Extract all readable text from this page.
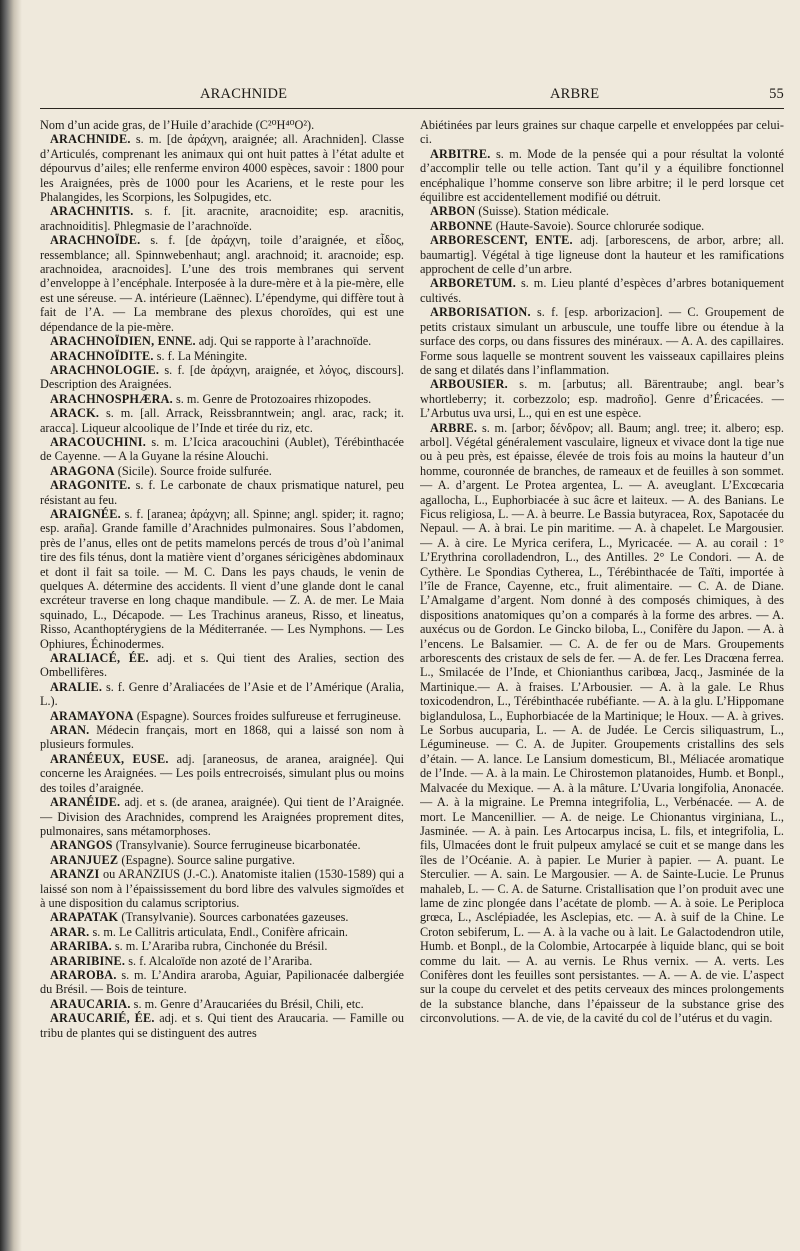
ARACHNIDE	ARBRE	55

Nom d’un acide gras, de l’Huile d’arachide (C²⁰H⁴⁰O²).

ARACHNIDE. s. m. [de ἀράχνη, araignée; all. Arachniden]. Classe d’Articulés, comprenant les animaux qui ont huit pattes à l’état adulte et dépourvus d’ailes; elle renferme environ 4000 espèces, savoir : 1800 pour les Araignées, près de 1000 pour les Acariens, et le reste pour les Phalangides, les Scorpions, les Solpugides, etc.

ARACHNITIS. s. f. [it. aracnite, aracnoidite; esp. aracnitis, arachnoiditis]. Phlegmasie de l’arachnoïde.

ARACHNOÏDE. s. f. [de ἀράχνη, toile d’araignée, et εἶδος, ressemblance; all. Spinnwebenhaut; angl. arachnoid; it. aracnoide; esp. arachnoidea, aracnoides]. L’une des trois membranes qui servent d’enveloppe à l’encéphale. Interposée à la dure-mère et à la pie-mère, elle est une séreuse. — A. intérieure (Laënnec). L’épendyme, qui diffère tout à fait de l’A. — La membrane des plexus choroïdes, qui est une dépendance de la pie-mère.

ARACHNOÏDIEN, ENNE. adj. Qui se rapporte à l’arachnoïde.

ARACHNOÏDITE. s. f. La Méningite.

ARACHNOLOGIE. s. f. [de ἀράχνη, araignée, et λόγος, discours]. Description des Araignées.

ARACHNOSPHÆRA. s. m. Genre de Protozoaires rhizopodes.

ARACK. s. m. [all. Arrack, Reissbranntwein; angl. arac, rack; it. aracca]. Liqueur alcoolique de l’Inde et tirée du riz, etc.

ARACOUCHINI. s. m. L’Icica aracouchini (Aublet), Térébinthacée de Cayenne. — A la Guyane la résine Alouchi.

ARAGONA (Sicile). Source froide sulfurée.

ARAGONITE. s. f. Le carbonate de chaux prismatique naturel, peu résistant au feu.

ARAIGNÉE. s. f. [aranea; ἀράχνη; all. Spinne; angl. spider; it. ragno; esp. araña]. Grande famille d’Arachnides pulmonaires. Sous l’abdomen, près de l’anus, elles ont de petits mamelons percés de trous d’où l’animal tire des fils ténus, dont la matière vient d’organes séricigènes abdominaux et dont il fait sa toile. — M. C. Dans les pays chauds, le venin de quelques A. détermine des accidents. Il vient d’une glande dont le canal excréteur traverse en long chaque mandibule. — Z. A. de mer. Le Maia squinado, L., Décapode. — Les Trachinus araneus, Risso, et lineatus, Risso, Acanthoptérygiens de la Méditerranée. — Les Nymphons. — Les Ophiures, Échinodermes.

ARALIACÉ, ÉE. adj. et s. Qui tient des Aralies, section des Ombellifères.

ARALIE. s. f. Genre d’Araliacées de l’Asie et de l’Amérique (Aralia, L.).

ARAMAYONA (Espagne). Sources froides sulfureuse et ferrugineuse.

ARAN. Médecin français, mort en 1868, qui a laissé son nom à plusieurs formules.

ARANÉEUX, EUSE. adj. [araneosus, de aranea, araignée]. Qui concerne les Araignées. — Les poils entrecroisés, simulant plus ou moins des toiles d’araignée.

ARANÉIDE. adj. et s. (de aranea, araignée). Qui tient de l’Araignée. — Division des Arachnides, comprend les Araignées proprement dites, pulmonaires, sans métamorphoses.

ARANGOS (Transylvanie). Source ferrugineuse bicarbonatée.

ARANJUEZ (Espagne). Source saline purgative.

ARANZI ou ARANZIUS (J.-C.). Anatomiste italien (1530-1589) qui a laissé son nom à l’épaississement du bord libre des valvules sigmoïdes et à une disposition du calamus scriptorius.

ARAPATAK (Transylvanie). Sources carbonatées gazeuses.

ARAR. s. m. Le Callitris articulata, Endl., Conifère africain.

ARARIBA. s. m. L’Arariba rubra, Cinchonée du Brésil.

ARARIBINE. s. f. Alcaloïde non azoté de l’Arariba.

ARAROBA. s. m. L’Andira araroba, Aguiar, Papilionacée dalbergiée du Brésil. — Bois de teinture.

ARAUCARIA. s. m. Genre d’Araucariées du Brésil, Chili, etc.

ARAUCARIÉ, ÉE. adj. et s. Qui tient des Araucaria. — Famille ou tribu de plantes qui se distinguent des autres

Abiétinées par leurs graines sur chaque carpelle et enveloppées par celui-ci.

ARBITRE. s. m. Mode de la pensée qui a pour résultat la volonté d’accomplir telle ou telle action. Tant qu’il y a équilibre fonctionnel encéphalique l’homme conserve son libre arbitre; il le perd lorsque cet équilibre est accidentellement modifié ou détruit.

ARBON (Suisse). Station médicale.

ARBONNE (Haute-Savoie). Source chlorurée sodique.

ARBORESCENT, ENTE. adj. [arborescens, de arbor, arbre; all. baumartig]. Végétal à tige ligneuse dont la hauteur et les ramifications approchent de celle d’un arbre.

ARBORETUM. s. m. Lieu planté d’espèces d’arbres botaniquement cultivés.

ARBORISATION. s. f. [esp. arborizacion]. — C. Groupement de petits cristaux simulant un arbuscule, une touffe libre ou étendue à la surface des corps, ou dans fissures des minéraux. — A. A. des capillaires. Forme sous laquelle se montrent souvent les vaisseaux capillaires pleins de sang et dilatés dans l’inflammation.

ARBOUSIER. s. m. [arbutus; all. Bärentraube; angl. bear’s whortleberry; it. corbezzolo; esp. madroño]. Genre d’Éricacées. — L’Arbutus uva ursi, L., qui en est une espèce.

ARBRE. s. m. [arbor; δένδρον; all. Baum; angl. tree; it. albero; esp. arbol]. Végétal généralement vasculaire, ligneux et vivace dont la tige nue ou à peu près, est épaisse, élevée de trois fois au moins la hauteur d’un homme, couronnée de branches, de rameaux et de feuilles à son sommet. — A. d’argent. Le Protea argentea, L. — A. aveuglant. L’Excœcaria agallocha, L., Euphorbiacée à suc âcre et laiteux. — A. des Banians. Le Ficus religiosa, L. — A. à beurre. Le Bassia butyracea, Rox, Sapotacée du Nepaul. — A. à brai. Le pin maritime. — A. à chapelet. Le Margousier. — A. à cire. Le Myrica cerifera, L., Myricacée. — A. au corail : 1° L’Erythrina corolladendron, L., des Antilles. 2° Le Condori. — A. de Cythère. Le Spondias Cytherea, L., Térébinthacée de Taïti, importée à l’île de France, Cayenne, etc., fruit alimentaire. — C. A. de Diane. L’Amalgame d’argent. Nom donné à des composés chimiques, à des dispositions anatomiques qu’on a comparés à la forme des arbres. — A. auxécus ou de Gordon. Le Gincko biloba, L., Conifère du Japon. — A. à l’encens. Le Balsamier. — C. A. de fer ou de Mars. Groupements arborescents des cristaux de sels de fer. — A. de fer. Les Dracœna ferrea. L., Smilacée de l’Inde, et Chionianthus caribœa, Jacq., Jasminée de la Martinique.— A. à fraises. L’Arbousier. — A. à la gale. Le Rhus toxicodendron, L., Térébinthacée rubéfiante. — A. à la glu. L’Hippomane biglandulosa, L., Euphorbiacée de la Martinique; le Houx. — A. à grives. Le Sorbus aucuparia, L. — A. de Judée. Le Cercis siliquastrum, L., Légumineuse. — C. A. de Jupiter. Groupements cristallins des sels d’étain. — A. lance. Le Lansium domesticum, Bl., Méliacée aromatique de l’Inde. — A. à la main. Le Chirostemon platanoides, Humb. et Bonpl., Malvacée du Mexique. — A. à la mâture. L’Uvaria longifolia, Anonacée. — A. à la migraine. Le Premna integrifolia, L., Verbénacée. — A. de mort. Le Mancenillier. — A. de neige. Le Chionantus virginiana, L., Jasminée. — A. à pain. Les Artocarpus incisa, L. fils, et integrifolia, L. fils, Ulmacées dont le fruit pulpeux amylacé se cuit et se mange dans les îles de l’Océanie. A. à papier. Le Murier à papier. — A. puant. Le Sterculier. — A. sain. Le Margousier. — A. de Sainte-Lucie. Le Prunus mahaleb, L. — C. A. de Saturne. Cristallisation que l’on produit avec une lame de zinc plongée dans l’acétate de plomb. — A. à soie. Le Periploca grœca, L., Asclépiadée, les Asclepias, etc. — A. à suif de la Chine. Le Croton sebiferum, L. — A. à la vache ou à lait. Le Galactodendron utile, Humb. et Bonpl., de la Colombie, Artocarpée à liquide blanc, qui se boit comme du lait. — A. au vernis. Le Rhus vernix. — A. verts. Les Conifères dont les feuilles sont persistantes. — A. — A. de vie. L’aspect sur la coupe du cervelet et des petits cerveaux des minces prolongements de la substance blanche, dans l’épaisseur de la substance grise des circonvolutions. — A. de vie, de la cavité du col de l’utérus et du vagin.
